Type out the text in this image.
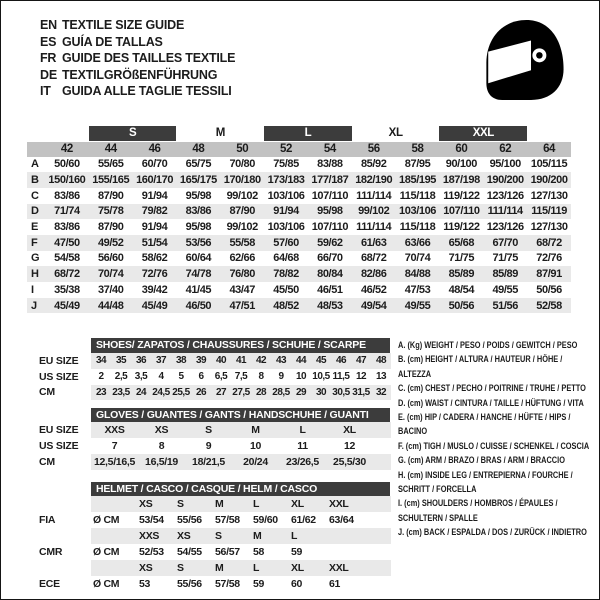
EN TEXTILE SIZE GUIDE
ES GUÍA DE TALLAS
FR GUIDE DES TAILLES TEXTILE
DE TEXTILGRÖßENFÜHRUNG
IT GUIDA ALLE TAGLIE TESSILI
		S		M		L		XL		XXL		
	42	44	46	48	50	52	54	56	58	60	62	64
A	50/60	55/65	60/70	65/75	70/80	75/85	83/88	85/92	87/95	90/100	95/100	105/115
B	150/160	155/165	160/170	165/175	170/180	173/183	177/187	182/190	185/195	187/198	190/200	190/200
C	83/86	87/90	91/94	95/98	99/102	103/106	107/110	111/114	115/118	119/122	123/126	127/130
D	71/74	75/78	79/82	83/86	87/90	91/94	95/98	99/102	103/106	107/110	111/114	115/119
E	83/86	87/90	91/94	95/98	99/102	103/106	107/110	111/114	115/118	119/122	123/126	127/130
F	47/50	49/52	51/54	53/56	55/58	57/60	59/62	61/63	63/66	65/68	67/70	68/72
G	54/58	56/60	58/62	60/64	62/66	64/68	66/70	68/72	70/74	71/75	71/75	72/76
H	68/72	70/74	72/76	74/78	76/80	78/82	80/84	82/86	84/88	85/89	85/89	87/91
I	35/38	37/40	39/42	41/45	43/47	45/50	46/51	46/52	47/53	48/54	49/55	50/56
J	45/49	44/48	45/49	46/50	47/51	48/52	48/53	49/54	49/55	50/56	51/56	52/58
SHOES/ ZAPATOS / CHAUSSURES / SCHUHE / SCARPE
EU SIZE	34	35	36	37	38	39	40	41	42	43	44	45	46	47	48
US SIZE	2	2,5	3,5	4	5	6	6,5	7,5	8	9	10	10,5	11,5	12	13
CM	23	23,5	24	24,5	25,5	26	27	27,5	28	28,5	29	30	30,5	31,5	32
GLOVES / GUANTES / GANTS / HANDSCHUHE / GUANTI
EU SIZE	XXS	XS	S	M	L	XL	
US SIZE	7	8	9	10	11	12	
CM	12,5/16,5	16,5/19	18/21,5	20/24	23/26,5	25,5/30	
HELMET / CASCO / CASQUE / HELM / CASCO
		XS	S	M	L	XL	XXL	
FIA	Ø CM	53/54	55/56	57/58	59/60	61/62	63/64	
		XXS	XS	S	M	L		
CMR	Ø CM	52/53	54/55	56/57	58	59		
		XS	S	M	L	XL	XXL	
ECE	Ø CM	53	55/56	57/58	59	60	61	
A. (Kg) WEIGHT / PESO / POIDS / GEWITCH / PESO
B. (cm) HEIGHT / ALTURA / HAUTEUR / HÖHE / ALTEZZA
C. (cm) CHEST / PECHO / POITRINE / TRUHE / PETTO
D. (cm) WAIST / CINTURA / TAILLE / HÜFTUNG / VITA
E. (cm) HIP / CADERA / HANCHE / HÜFTE / HIPS / BACINO
F. (cm) TIGH / MUSLO / CUISSE / SCHENKEL / COSCIA
G. (cm) ARM / BRAZO / BRAS / ARM / BRACCIO
H. (cm) INSIDE LEG / ENTREPIERNA / FOURCHE / SCHRITT / FORCELLA
I. (cm) SHOULDERS / HOMBROS / ÉPAULES / SCHULTERN / SPALLE
J. (cm) BACK / ESPALDA / DOS / ZURÜCK / INDIETRO
